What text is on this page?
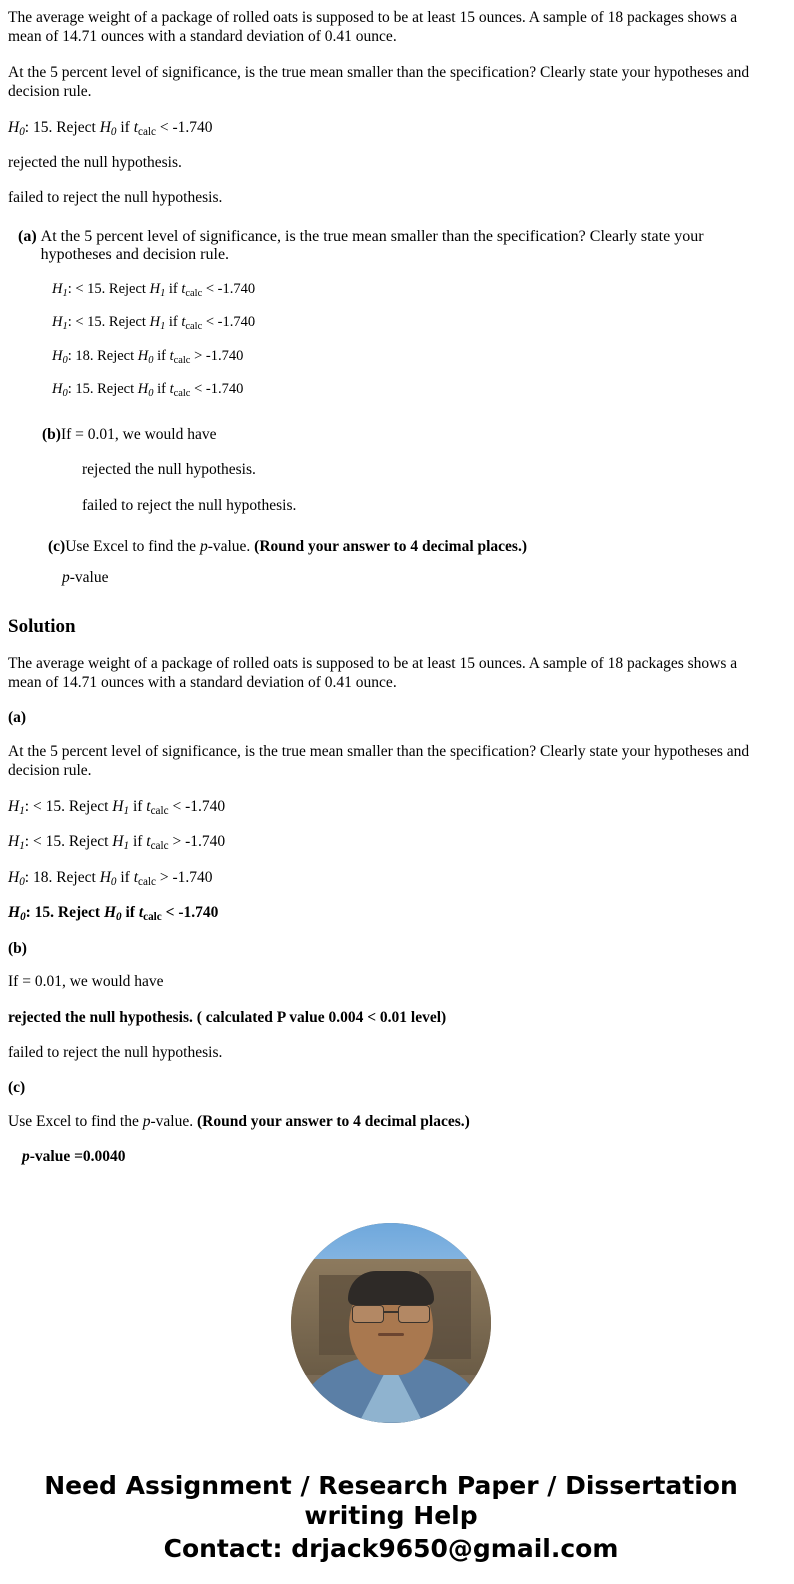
The average weight of a package of rolled oats is supposed to be at least 15 ounces. A sample of 18 packages shows a mean of 14.71 ounces with a standard deviation of 0.41 ounce.

At the 5 percent level of significance, is the true mean smaller than the specification? Clearly state your hypotheses and decision rule.

$H_0$: 15. Reject $H_0$ if $t_{calc} < -1.740$

rejected the null hypothesis.

failed to reject the null hypothesis.

(a) At the 5 percent level of significance, is the true mean smaller than the specification? Clearly state your hypotheses and decision rule.

$H_1$: < 15. Reject $H_1$ if $t_{calc} < -1.740$

$H_1$: < 15. Reject $H_1$ if $t_{calc} < -1.740$

$H_0$: 18. Reject $H_0$ if $t_{calc} > -1.740$

$H_0$: 15. Reject $H_0$ if $t_{calc} < -1.740$

(b)If = 0.01, we would have

rejected the null hypothesis.

failed to reject the null hypothesis.

(c)Use Excel to find the p-value. (Round your answer to 4 decimal places.)

p-value

Solution

The average weight of a package of rolled oats is supposed to be at least 15 ounces. A sample of 18 packages shows a mean of 14.71 ounces with a standard deviation of 0.41 ounce.

(a)

At the 5 percent level of significance, is the true mean smaller than the specification? Clearly state your hypotheses and decision rule.

$H_1$: < 15. Reject $H_1$ if $t_{calc} < -1.740$

$H_1$: < 15. Reject $H_1$ if $t_{calc} > -1.740$

$H_0$: 18. Reject $H_0$ if $t_{calc} > -1.740$

$H_0$: 15. Reject $H_0$ if $t_{calc} < -1.740$

(b)

If = 0.01, we would have

rejected the null hypothesis. ( calculated P value 0.004 < 0.01 level)

failed to reject the null hypothesis.

(c)

Use Excel to find the p-value. (Round your answer to 4 decimal places.)

p-value =0.0040

Need Assignment / Research Paper / Dissertation writing Help
Contact: drjack9650@gmail.com
